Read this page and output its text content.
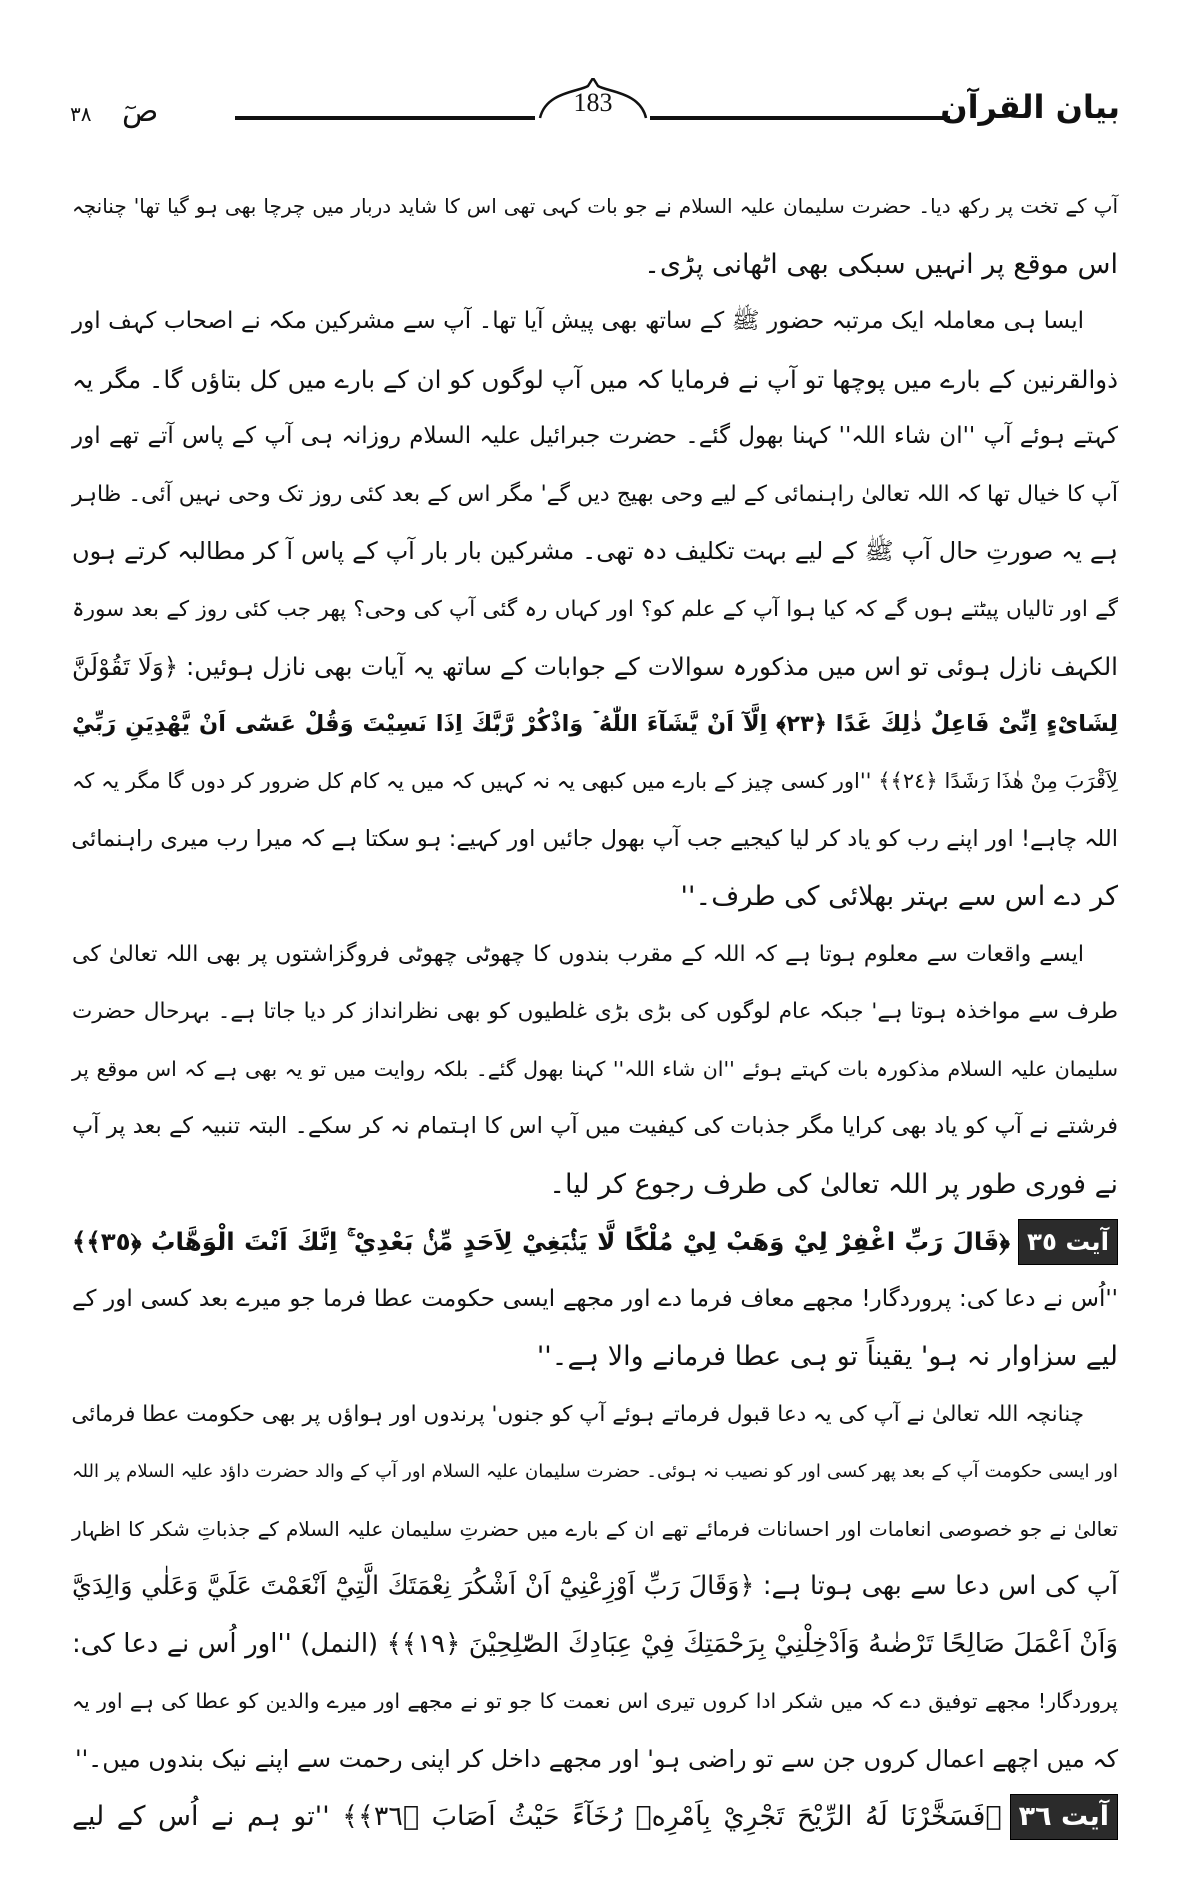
183	بیان القرآن
صٓ
٣٨
آپ کے تخت پر رکھ دیا۔ حضرت سلیمان علیہ السلام نے جو بات کہی تھی اس کا شاید دربار میں چرچا بھی ہو گیا تھا' چنانچہ
اس موقع پر انہیں سبکی بھی اٹھانی پڑی۔
ایسا ہی معاملہ ایک مرتبہ حضور ﷺ کے ساتھ بھی پیش آیا تھا۔ آپ سے مشرکین مکہ نے اصحاب کہف اور
ذوالقرنین کے بارے میں پوچھا تو آپ نے فرمایا کہ میں آپ لوگوں کو ان کے بارے میں کل بتاؤں گا۔ مگر یہ
کہتے ہوئے آپ ''ان شاء اللہ'' کہنا بھول گئے۔ حضرت جبرائیل علیہ السلام روزانہ ہی آپ کے پاس آتے تھے اور
آپ کا خیال تھا کہ اللہ تعالیٰ راہنمائی کے لیے وحی بھیج دیں گے' مگر اس کے بعد کئی روز تک وحی نہیں آئی۔ ظاہر
ہے یہ صورتِ حال آپ ﷺ کے لیے بہت تکلیف دہ تھی۔ مشرکین بار بار آپ کے پاس آ کر مطالبہ کرتے ہوں
گے اور تالیاں پیٹتے ہوں گے کہ کیا ہوا آپ کے علم کو؟ اور کہاں رہ گئی آپ کی وحی؟ پھر جب کئی روز کے بعد سورۃ
الکہف نازل ہوئی تو اس میں مذکورہ سوالات کے جوابات کے ساتھ یہ آیات بھی نازل ہوئیں: ﴿وَلَا تَقُوْلَنَّ
لِشَایْءٍ اِنِّیْ فَاعِلٌ ذٰلِكَ غَدًا ﴿٢٣﴾ اِلَّآ اَنْ يَّشَآءَ اللّٰهُ ۡ وَاذْكُرْ رَّبَّكَ اِذَا نَسِيْتَ وَقُلْ عَسٰٓى اَنْ يَّهْدِيَنِ رَبِّيْ
لِاَقْرَبَ مِنْ هٰذَا رَشَدًا ﴿٢٤﴾﴾ ''اور کسی چیز کے بارے میں کبھی یہ نہ کہیں کہ میں یہ کام کل ضرور کر دوں گا مگر یہ کہ
اللہ چاہے! اور اپنے رب کو یاد کر لیا کیجیے جب آپ بھول جائیں اور کہیے: ہو سکتا ہے کہ میرا رب میری راہنمائی
کر دے اس سے بہتر بھلائی کی طرف۔''
ایسے واقعات سے معلوم ہوتا ہے کہ اللہ کے مقرب بندوں کا چھوٹی چھوٹی فروگزاشتوں پر بھی اللہ تعالیٰ کی
طرف سے مواخذہ ہوتا ہے' جبکہ عام لوگوں کی بڑی بڑی غلطیوں کو بھی نظرانداز کر دیا جاتا ہے۔ بہرحال حضرت
سلیمان علیہ السلام مذکورہ بات کہتے ہوئے ''ان شاء اللہ'' کہنا بھول گئے۔ بلکہ روایت میں تو یہ بھی ہے کہ اس موقع پر
فرشتے نے آپ کو یاد بھی کرایا مگر جذبات کی کیفیت میں آپ اس کا اہتمام نہ کر سکے۔ البتہ تنبیہ کے بعد پر آپ
نے فوری طور پر اللہ تعالیٰ کی طرف رجوع کر لیا۔
آیت ٣٥﴿قَالَ رَبِّ اغْفِرْ لِيْ وَهَبْ لِيْ مُلْكًا لَّا يَنْۢبَغِيْ لِاَحَدٍ مِّنْۢ بَعْدِيْ ۚ اِنَّكَ اَنْتَ الْوَهَّابُ ﴿٣٥﴾﴾
''اُس نے دعا کی: پروردگار! مجھے معاف فرما دے اور مجھے ایسی حکومت عطا فرما جو میرے بعد کسی اور کے
لیے سزاوار نہ ہو' یقیناً تو ہی عطا فرمانے والا ہے۔''
چنانچہ اللہ تعالیٰ نے آپ کی یہ دعا قبول فرماتے ہوئے آپ کو جنوں' پرندوں اور ہواؤں پر بھی حکومت عطا فرمائی
اور ایسی حکومت آپ کے بعد پھر کسی اور کو نصیب نہ ہوئی۔ حضرت سلیمان علیہ السلام اور آپ کے والد حضرت داؤد علیہ السلام پر اللہ
تعالیٰ نے جو خصوصی انعامات اور احسانات فرمائے تھے ان کے بارے میں حضرتِ سلیمان علیہ السلام کے جذباتِ شکر کا اظہار
آپ کی اس دعا سے بھی ہوتا ہے: ﴿وَقَالَ رَبِّ اَوْزِعْنِيْٓ اَنْ اَشْكُرَ نِعْمَتَكَ الَّتِيْٓ اَنْعَمْتَ عَلَيَّ وَعَلٰي وَالِدَيَّ
وَاَنْ اَعْمَلَ صَالِحًا تَرْضٰىهُ وَاَدْخِلْنِيْ بِرَحْمَتِكَ فِيْ عِبَادِكَ الصّٰلِحِيْنَ ﴿١٩﴾﴾ (النمل) ''اور اُس نے دعا کی:
پروردگار! مجھے توفیق دے کہ میں شکر ادا کروں تیری اس نعمت کا جو تو نے مجھے اور میرے والدین کو عطا کی ہے اور یہ
کہ میں اچھے اعمال کروں جن سے تو راضی ہو' اور مجھے داخل کر اپنی رحمت سے اپنے نیک بندوں میں۔''
آیت ٣٦﴿فَسَخَّرْنَا لَهُ الرِّيْحَ تَجْرِيْ بِاَمْرِهٖ رُخَآءً حَيْثُ اَصَابَ ﴿٣٦﴾﴾ ''تو ہم نے اُس کے لیے
